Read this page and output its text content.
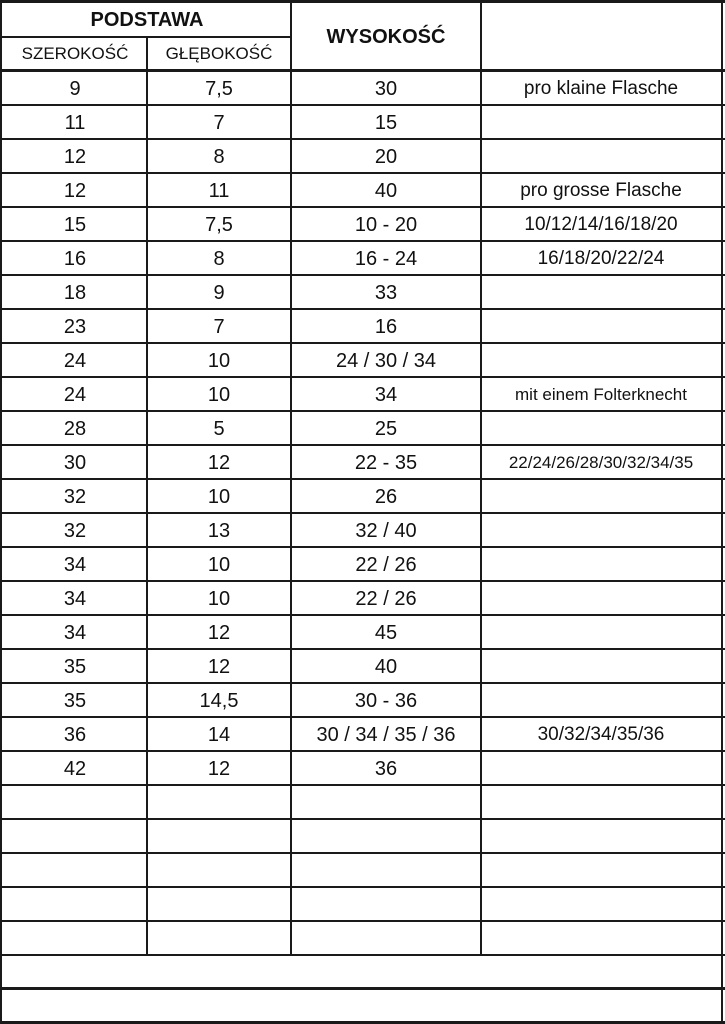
PODSTAWA
SZEROKOŚĆ	GŁĘBOKOŚĆ
WYSOKOŚĆ
9	7,5	30	pro klaine Flasche
11	7	15
12	8	20
12	11	40	pro grosse Flasche
15	7,5	10 - 20	10/12/14/16/18/20
16	8	16 - 24	16/18/20/22/24
18	9	33
23	7	16
24	10	24 / 30 / 34
24	10	34	mit einem Folterknecht
28	5	25
30	12	22 - 35	22/24/26/28/30/32/34/35
32	10	26
32	13	32 / 40
34	10	22 / 26
34	10	22 / 26
34	12	45
35	12	40
35	14,5	30 - 36
36	14	30 / 34 / 35 / 36	30/32/34/35/36
42	12	36
